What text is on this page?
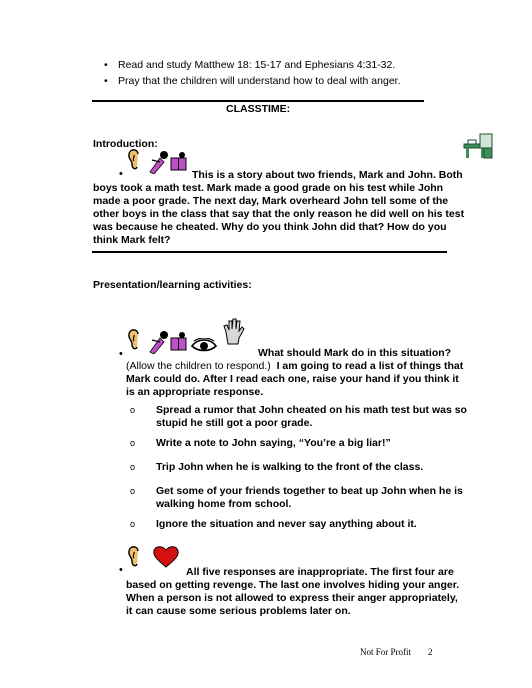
• Read and study Matthew 18: 15-17 and Ephesians 4:31-32.
• Pray that the children will understand how to deal with anger.
CLASSTIME:
Introduction:
•	This is a story about two friends, Mark and John. Both boys took a math test. Mark made a good grade on his test while John made a poor grade. The next day, Mark overheard John tell some of the other boys in the class that say that the only reason he did well on his test was because he cheated. Why do you think John did that? How do you think Mark felt?
Presentation/learning activities:
•	What should Mark do in this situation?
(Allow the children to respond.) I am going to read a list of things that Mark could do. After I read each one, raise your hand if you think it is an appropriate response.
o Spread a rumor that John cheated on his math test but was so stupid he still got a poor grade.
o Write a note to John saying, “You’re a big liar!”
o Trip John when he is walking to the front of the class.
o Get some of your friends together to beat up John when he is walking home from school.
o Ignore the situation and never say anything about it.
•	All five responses are inappropriate. The first four are based on getting revenge. The last one involves hiding your anger. When a person is not allowed to express their anger appropriately, it can cause some serious problems later on.
Not For Profit 2
